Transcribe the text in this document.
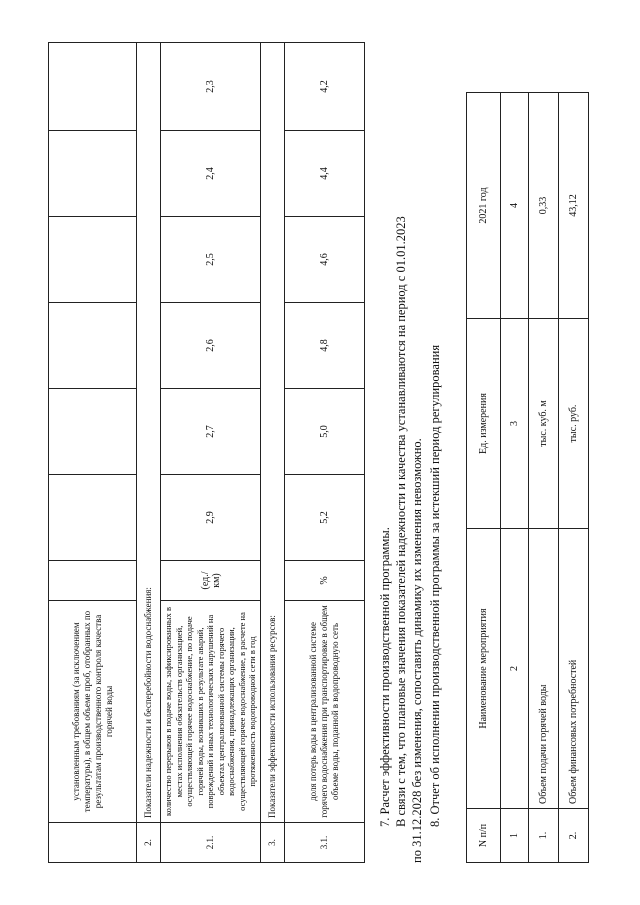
установленным требованиям (за исключением температуры), в общем объеме проб, отобранных по результатам производственного контроля качества горячей воды
2.
Показатели надежности и бесперебойности водоснабжения:
2.1.
количество перерывов в подаче воды, зафиксированных в местах исполнения обязательств организацией, осуществляющей горячее водоснабжение, по подаче горячей воды, возникших в результате аварий, повреждений и иных технологических нарушений на объектах централизованной системы горячего водоснабжения, принадлежащих организации, осуществляющей горячее водоснабжение, в расчете на протяженность водопроводной сети в год
(ед./км)
2,9
2,7
2,6
2,5
2,4
2,3
3.
Показатели эффективности использования ресурсов:
3.1.
доля потерь воды в централизованной системе горячего водоснабжения при транспортировке в общем объеме воды, поданной в водопроводную сеть
%
5,2
5,0
4,8
4,6
4,4
4,2
7. Расчет эффективности производственной программы. В связи с тем, что плановые значения показателей надежности и качества устанавливаются на период с 01.01.2023 по 31.12.2028 без изменения, сопоставить динамику их изменения невозможно. 8. Отчет об исполнении производственной программы за истекший период регулирования
N п/п
Наименование мероприятия
Ед. измерения
2021 год
1
2
3
4
1.
Объем подачи горячей воды
тыс. куб. м
0,33
2.
Объем финансовых потребностей
тыс. руб.
43,12
